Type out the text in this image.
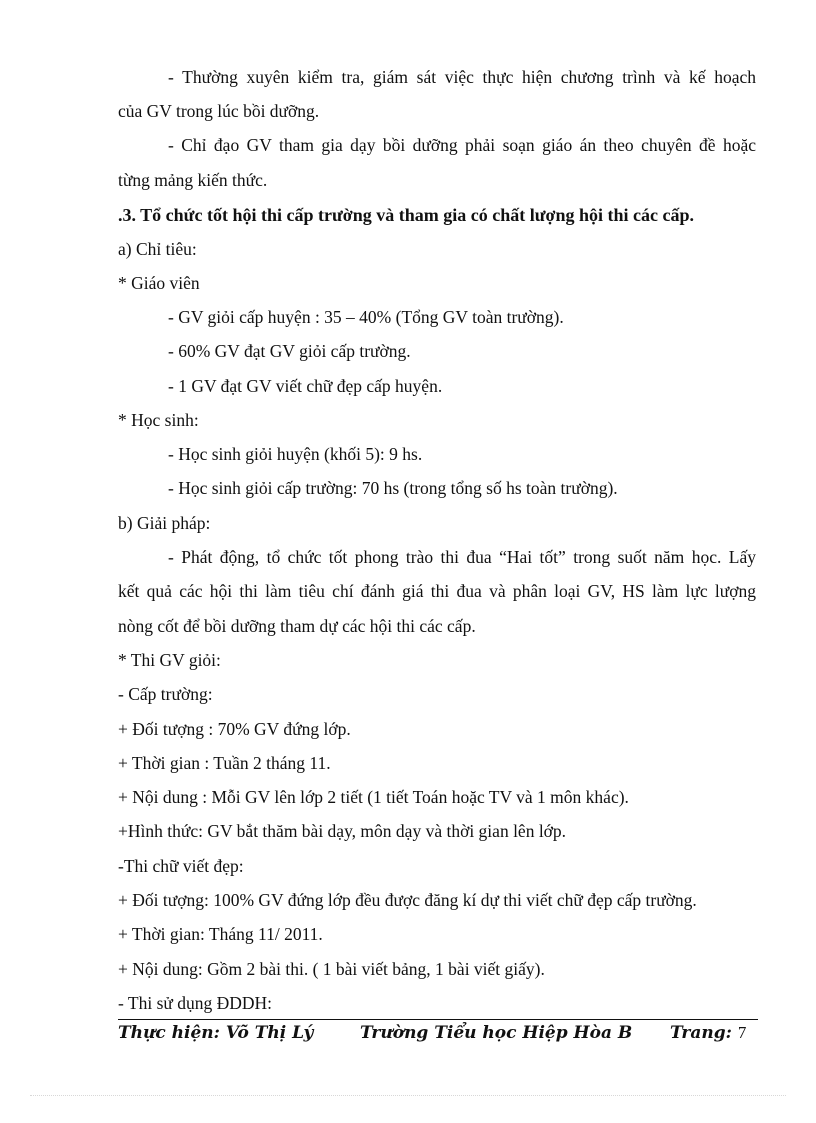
- Thường xuyên kiểm tra, giám sát việc thực hiện chương trình và kế hoạch
của GV trong lúc bồi dưỡng.
- Chỉ đạo GV tham gia dạy bồi dưỡng phải soạn giáo án theo chuyên đề hoặc
từng mảng kiến thức.
.3. Tổ chức tốt hội thi cấp trường và tham gia có chất lượng hội thi các cấp.
a) Chỉ tiêu:
* Giáo viên
- GV giỏi cấp huyện : 35 – 40% (Tổng GV toàn trường).
- 60% GV đạt GV giỏi cấp trường.
- 1 GV đạt GV viết chữ đẹp cấp huyện.
* Học sinh:
- Học sinh giỏi huyện (khối 5): 9 hs.
- Học sinh giỏi cấp trường: 70 hs (trong tổng số hs toàn trường).
b) Giải pháp:
- Phát động, tổ chức tốt phong trào thi đua “Hai tốt” trong suốt năm học. Lấy
kết quả các hội thi làm tiêu chí đánh giá thi đua và phân loại GV, HS làm lực lượng
nòng cốt để bồi dưỡng tham dự các hội thi các cấp.
* Thi GV giỏi:
- Cấp trường:
+ Đối tượng : 70% GV đứng lớp.
+ Thời gian : Tuần 2 tháng 11.
+ Nội dung : Mỗi GV lên lớp 2 tiết (1 tiết Toán hoặc TV và 1 môn khác).
+Hình thức: GV bắt thăm bài dạy, môn dạy và thời gian lên lớp.
-Thi chữ viết đẹp:
+ Đối tượng: 100% GV đứng lớp đều được đăng kí dự thi viết chữ đẹp cấp trường.
+ Thời gian: Tháng 11/ 2011.
+ Nội dung: Gồm 2 bài thi. ( 1 bài viết bảng, 1 bài viết giấy).
- Thi sử dụng ĐDDH:
Thực hiện: Võ Thị Lý	Trường Tiểu học Hiệp Hòa B Trang: 7
